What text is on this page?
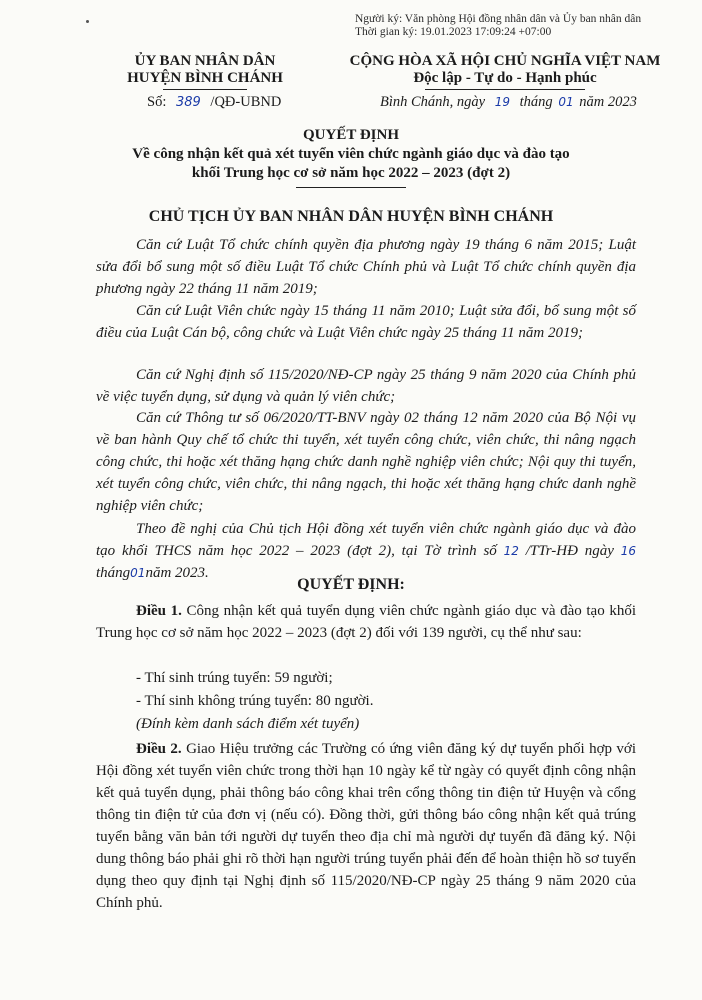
Người ký: Văn phòng Hội đồng nhân dân và Ủy ban nhân dân
Thời gian ký: 19.01.2023 17:09:24 +07:00
ỦY BAN NHÂN DÂN
HUYỆN BÌNH CHÁNH
Số: 389 /QĐ-UBND
CỘNG HÒA XÃ HỘI CHỦ NGHĨA VIỆT NAM
Độc lập - Tự do - Hạnh phúc
Bình Chánh, ngày 19 tháng 01 năm 2023
QUYẾT ĐỊNH
Về công nhận kết quả xét tuyển viên chức ngành giáo dục và đào tạo
khối Trung học cơ sở năm học 2022 – 2023 (đợt 2)
CHỦ TỊCH ỦY BAN NHÂN DÂN HUYỆN BÌNH CHÁNH
Căn cứ Luật Tổ chức chính quyền địa phương ngày 19 tháng 6 năm 2015; Luật sửa đổi bổ sung một số điều Luật Tổ chức Chính phủ và Luật Tổ chức chính quyền địa phương ngày 22 tháng 11 năm 2019;
Căn cứ Luật Viên chức ngày 15 tháng 11 năm 2010; Luật sửa đổi, bổ sung một số điều của Luật Cán bộ, công chức và Luật Viên chức ngày 25 tháng 11 năm 2019;
Căn cứ Nghị định số 115/2020/NĐ-CP ngày 25 tháng 9 năm 2020 của Chính phủ về việc tuyển dụng, sử dụng và quản lý viên chức;
Căn cứ Thông tư số 06/2020/TT-BNV ngày 02 tháng 12 năm 2020 của Bộ Nội vụ về ban hành Quy chế tổ chức thi tuyển, xét tuyển công chức, viên chức, thi nâng ngạch công chức, thi hoặc xét thăng hạng chức danh nghề nghiệp viên chức; Nội quy thi tuyển, xét tuyển công chức, viên chức, thi nâng ngạch, thi hoặc xét thăng hạng chức danh nghề nghiệp viên chức;
Theo đề nghị của Chủ tịch Hội đồng xét tuyển viên chức ngành giáo dục và đào tạo khối THCS năm học 2022 – 2023 (đợt 2), tại Tờ trình số 12 /TTr-HĐ ngày 16 tháng01năm 2023.
QUYẾT ĐỊNH:
Điều 1. Công nhận kết quả tuyển dụng viên chức ngành giáo dục và đào tạo khối Trung học cơ sở năm học 2022 – 2023 (đợt 2) đối với 139 người, cụ thể như sau:
- Thí sinh trúng tuyển: 59 người;
- Thí sinh không trúng tuyển: 80 người.
(Đính kèm danh sách điểm xét tuyển)
Điều 2. Giao Hiệu trưởng các Trường có ứng viên đăng ký dự tuyển phối hợp với Hội đồng xét tuyển viên chức trong thời hạn 10 ngày kể từ ngày có quyết định công nhận kết quả tuyển dụng, phải thông báo công khai trên cổng thông tin điện tử Huyện và cổng thông tin điện tử của đơn vị (nếu có). Đồng thời, gửi thông báo công nhận kết quả trúng tuyển bằng văn bản tới người dự tuyển theo địa chỉ mà người dự tuyển đã đăng ký. Nội dung thông báo phải ghi rõ thời hạn người trúng tuyển phải đến để hoàn thiện hồ sơ tuyển dụng theo quy định tại Nghị định số 115/2020/NĐ-CP ngày 25 tháng 9 năm 2020 của Chính phủ.
